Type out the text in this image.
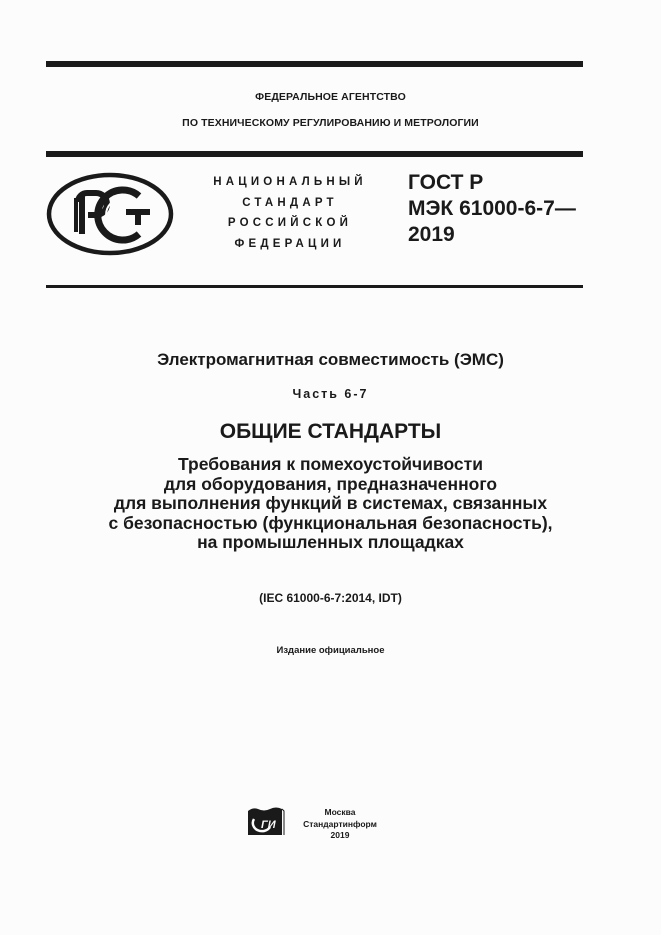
ФЕДЕРАЛЬНОЕ АГЕНТСТВО
ПО ТЕХНИЧЕСКОМУ РЕГУЛИРОВАНИЮ И МЕТРОЛОГИИ
НАЦИОНАЛЬНЫЙ
СТАНДАРТ
РОССИЙСКОЙ
ФЕДЕРАЦИИ
ГОСТ Р
МЭК 61000-6-7—
2019
Электромагнитная совместимость (ЭМС)
Часть 6-7
ОБЩИЕ СТАНДАРТЫ
Требования к помехоустойчивости
для оборудования, предназначенного
для выполнения функций в системах, связанных
с безопасностью (функциональная безопасность),
на промышленных площадках
(IEC 61000-6-7:2014, IDT)
Издание официальное
ГИ
Москва
Стандартинформ
2019
